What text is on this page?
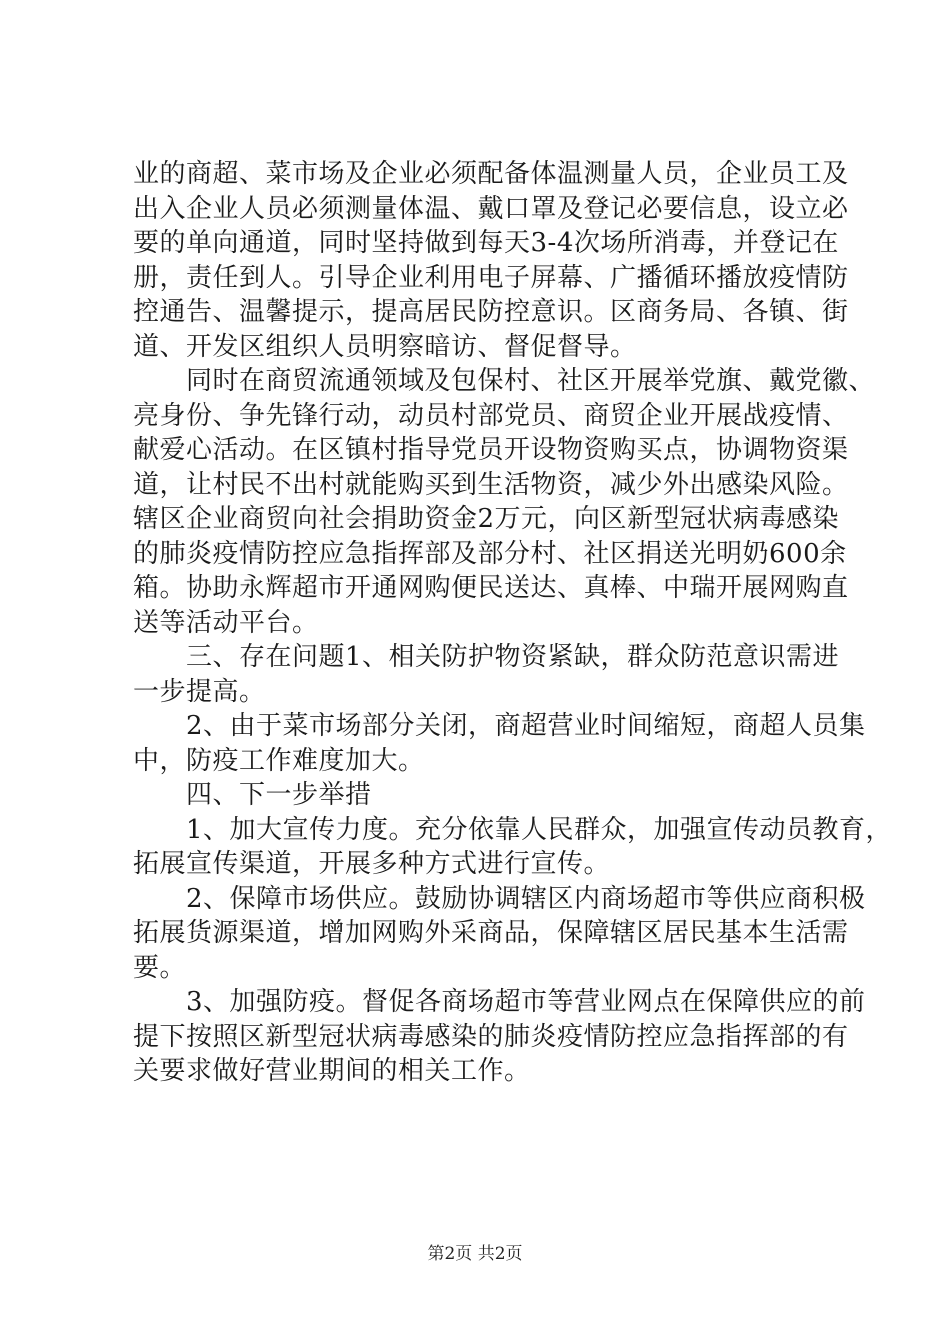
业的商超、菜市场及企业必须配备体温测量人员，企业员工及
出入企业人员必须测量体温、戴口罩及登记必要信息，设立必
要的单向通道，同时坚持做到每天3-4次场所消毒，并登记在
册，责任到人。引导企业利用电子屏幕、广播循环播放疫情防
控通告、温馨提示，提高居民防控意识。区商务局、各镇、街
道、开发区组织人员明察暗访、督促督导。
　　同时在商贸流通领域及包保村、社区开展举党旗、戴党徽、
亮身份、争先锋行动，动员村部党员、商贸企业开展战疫情、
献爱心活动。在区镇村指导党员开设物资购买点，协调物资渠
道，让村民不出村就能购买到生活物资，减少外出感染风险。
辖区企业商贸向社会捐助资金2万元，向区新型冠状病毒感染
的肺炎疫情防控应急指挥部及部分村、社区捐送光明奶600余
箱。协助永辉超市开通网购便民送达、真棒、中瑞开展网购直
送等活动平台。
　　三、存在问题1、相关防护物资紧缺，群众防范意识需进
一步提高。
　　2、由于菜市场部分关闭，商超营业时间缩短，商超人员集
中，防疫工作难度加大。
　　四、下一步举措
　　1、加大宣传力度。充分依靠人民群众，加强宣传动员教育，
拓展宣传渠道，开展多种方式进行宣传。
　　2、保障市场供应。鼓励协调辖区内商场超市等供应商积极
拓展货源渠道，增加网购外采商品，保障辖区居民基本生活需
要。
　　3、加强防疫。督促各商场超市等营业网点在保障供应的前
提下按照区新型冠状病毒感染的肺炎疫情防控应急指挥部的有
关要求做好营业期间的相关工作。
第2页 共2页
